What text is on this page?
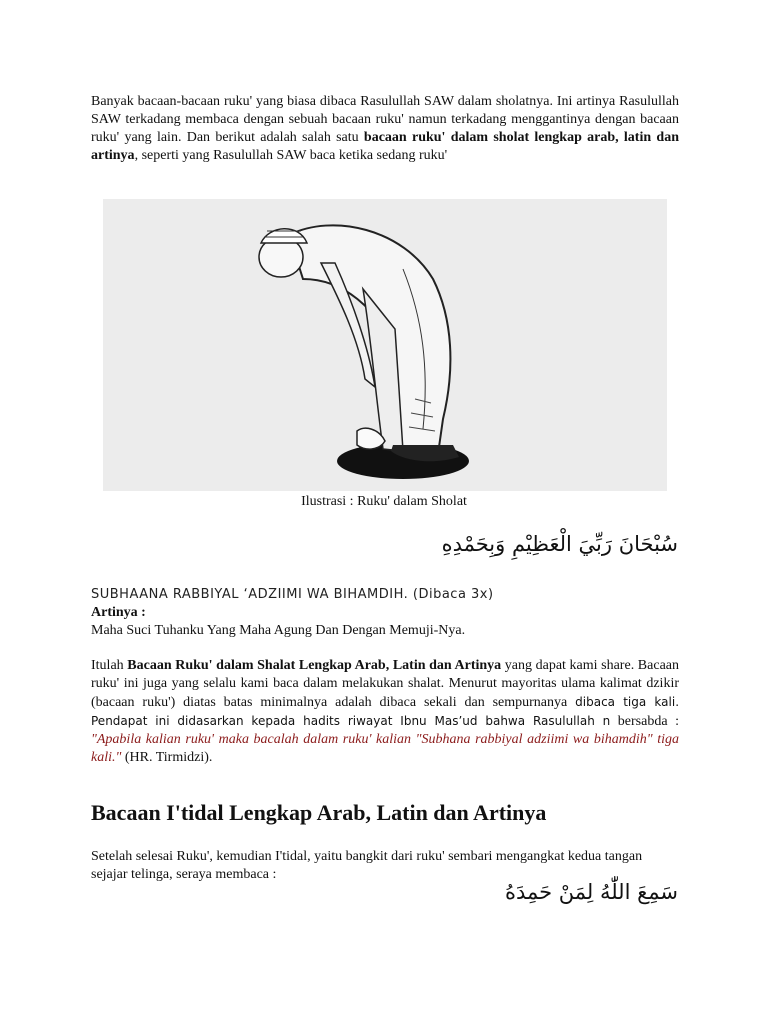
Banyak bacaan-bacaan ruku' yang biasa dibaca Rasulullah SAW dalam sholatnya. Ini artinya Rasulullah SAW terkadang membaca dengan sebuah bacaan ruku' namun terkadang menggantinya dengan bacaan ruku' yang lain. Dan berikut adalah salah satu bacaan ruku' dalam sholat lengkap arab, latin dan artinya, seperti yang Rasulullah SAW baca ketika sedang ruku'
Ilustrasi : Ruku' dalam Sholat
سُبْحَانَ رَبِّيَ الْعَظِيْمِ وَبِحَمْدِهِ
SUBHAANA RABBIYAL ‘ADZIIMI WA BIHAMDIH. (Dibaca 3x)
Artinya :
Maha Suci Tuhanku Yang Maha Agung Dan Dengan Memuji-Nya.
Itulah Bacaan Ruku' dalam Shalat Lengkap Arab, Latin dan Artinya yang dapat kami share. Bacaan ruku' ini juga yang selalu kami baca dalam melakukan shalat. Menurut mayoritas ulama kalimat dzikir (bacaan ruku') diatas batas minimalnya adalah dibaca sekali dan sempurnanya dibaca tiga kali. Pendapat ini didasarkan kepada hadits riwayat Ibnu Mas’ud bahwa Rasulullah n bersabda : "Apabila kalian ruku' maka bacalah dalam ruku' kalian "Subhana rabbiyal adziimi wa bihamdih" tiga kali." (HR. Tirmidzi).
Bacaan I'tidal Lengkap Arab, Latin dan Artinya
Setelah selesai Ruku', kemudian I'tidal, yaitu bangkit dari ruku' sembari mengangkat kedua tangan sejajar telinga, seraya membaca :
سَمِعَ اللّٰهُ لِمَنْ حَمِدَهُ
